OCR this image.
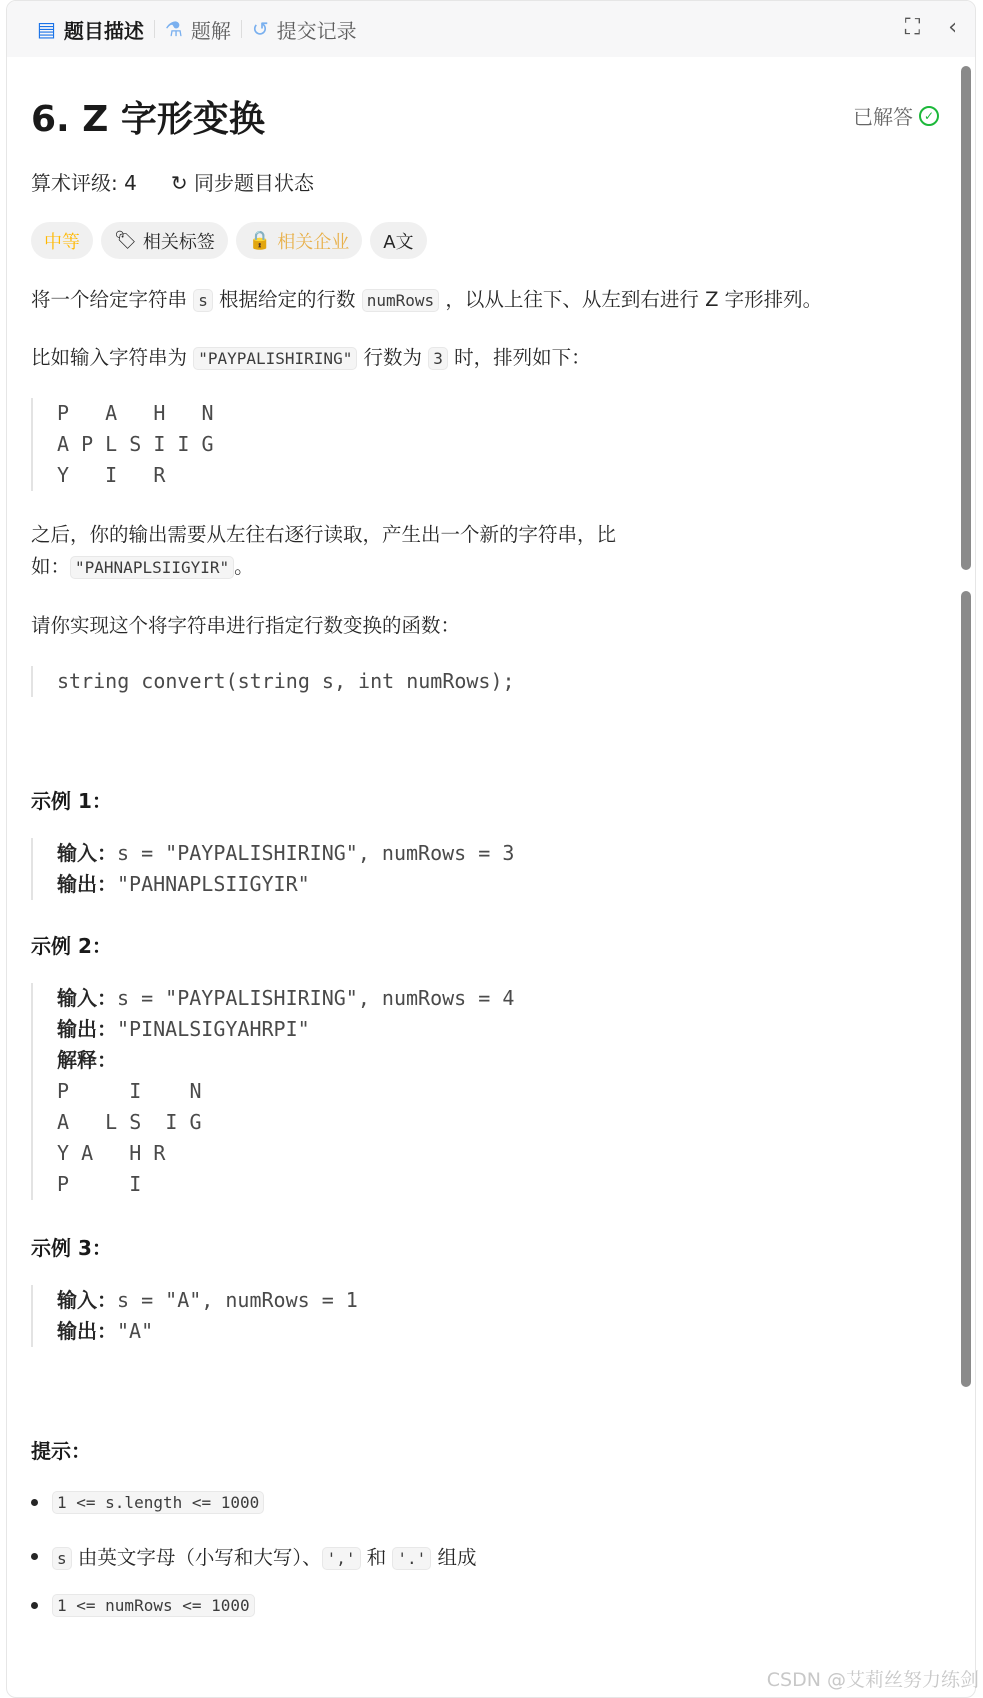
▤ 题目描述 ⚗ 题解 ↺ 提交记录	⛶ ‹
6. Z 字形变换	已解答 ✓
算术评级: 4 ↻ 同步题目状态
中等	🏷 相关标签 🔒 相关企业 A文
将一个给定字符串 s 根据给定的行数 numRows ，以从上往下、从左到右进行 Z 字形排列。
比如输入字符串为 "PAYPALISHIRING" 行数为 3 时，排列如下：
P   A   H   N
A P L S I I G
Y   I   R
之后，你的输出需要从左往右逐行读取，产生出一个新的字符串，比
如： "PAHNAPLSIIGYIR" 。
请你实现这个将字符串进行指定行数变换的函数：
string convert(string s, int numRows);
示例 1：
输入：s = "PAYPALISHIRING", numRows = 3
输出："PAHNAPLSIIGYIR"
示例 2：
输入：s = "PAYPALISHIRING", numRows = 4
输出："PINALSIGYAHRPI"
解释：
P     I    N
A   L S  I G
Y A   H R
P     I
示例 3：
输入：s = "A", numRows = 1
输出："A"
提示：
1 <= s.length <= 1000
s 由英文字母（小写和大写）、 ',' 和 '.' 组成
1 <= numRows <= 1000
CSDN @艾莉丝努力练剑
